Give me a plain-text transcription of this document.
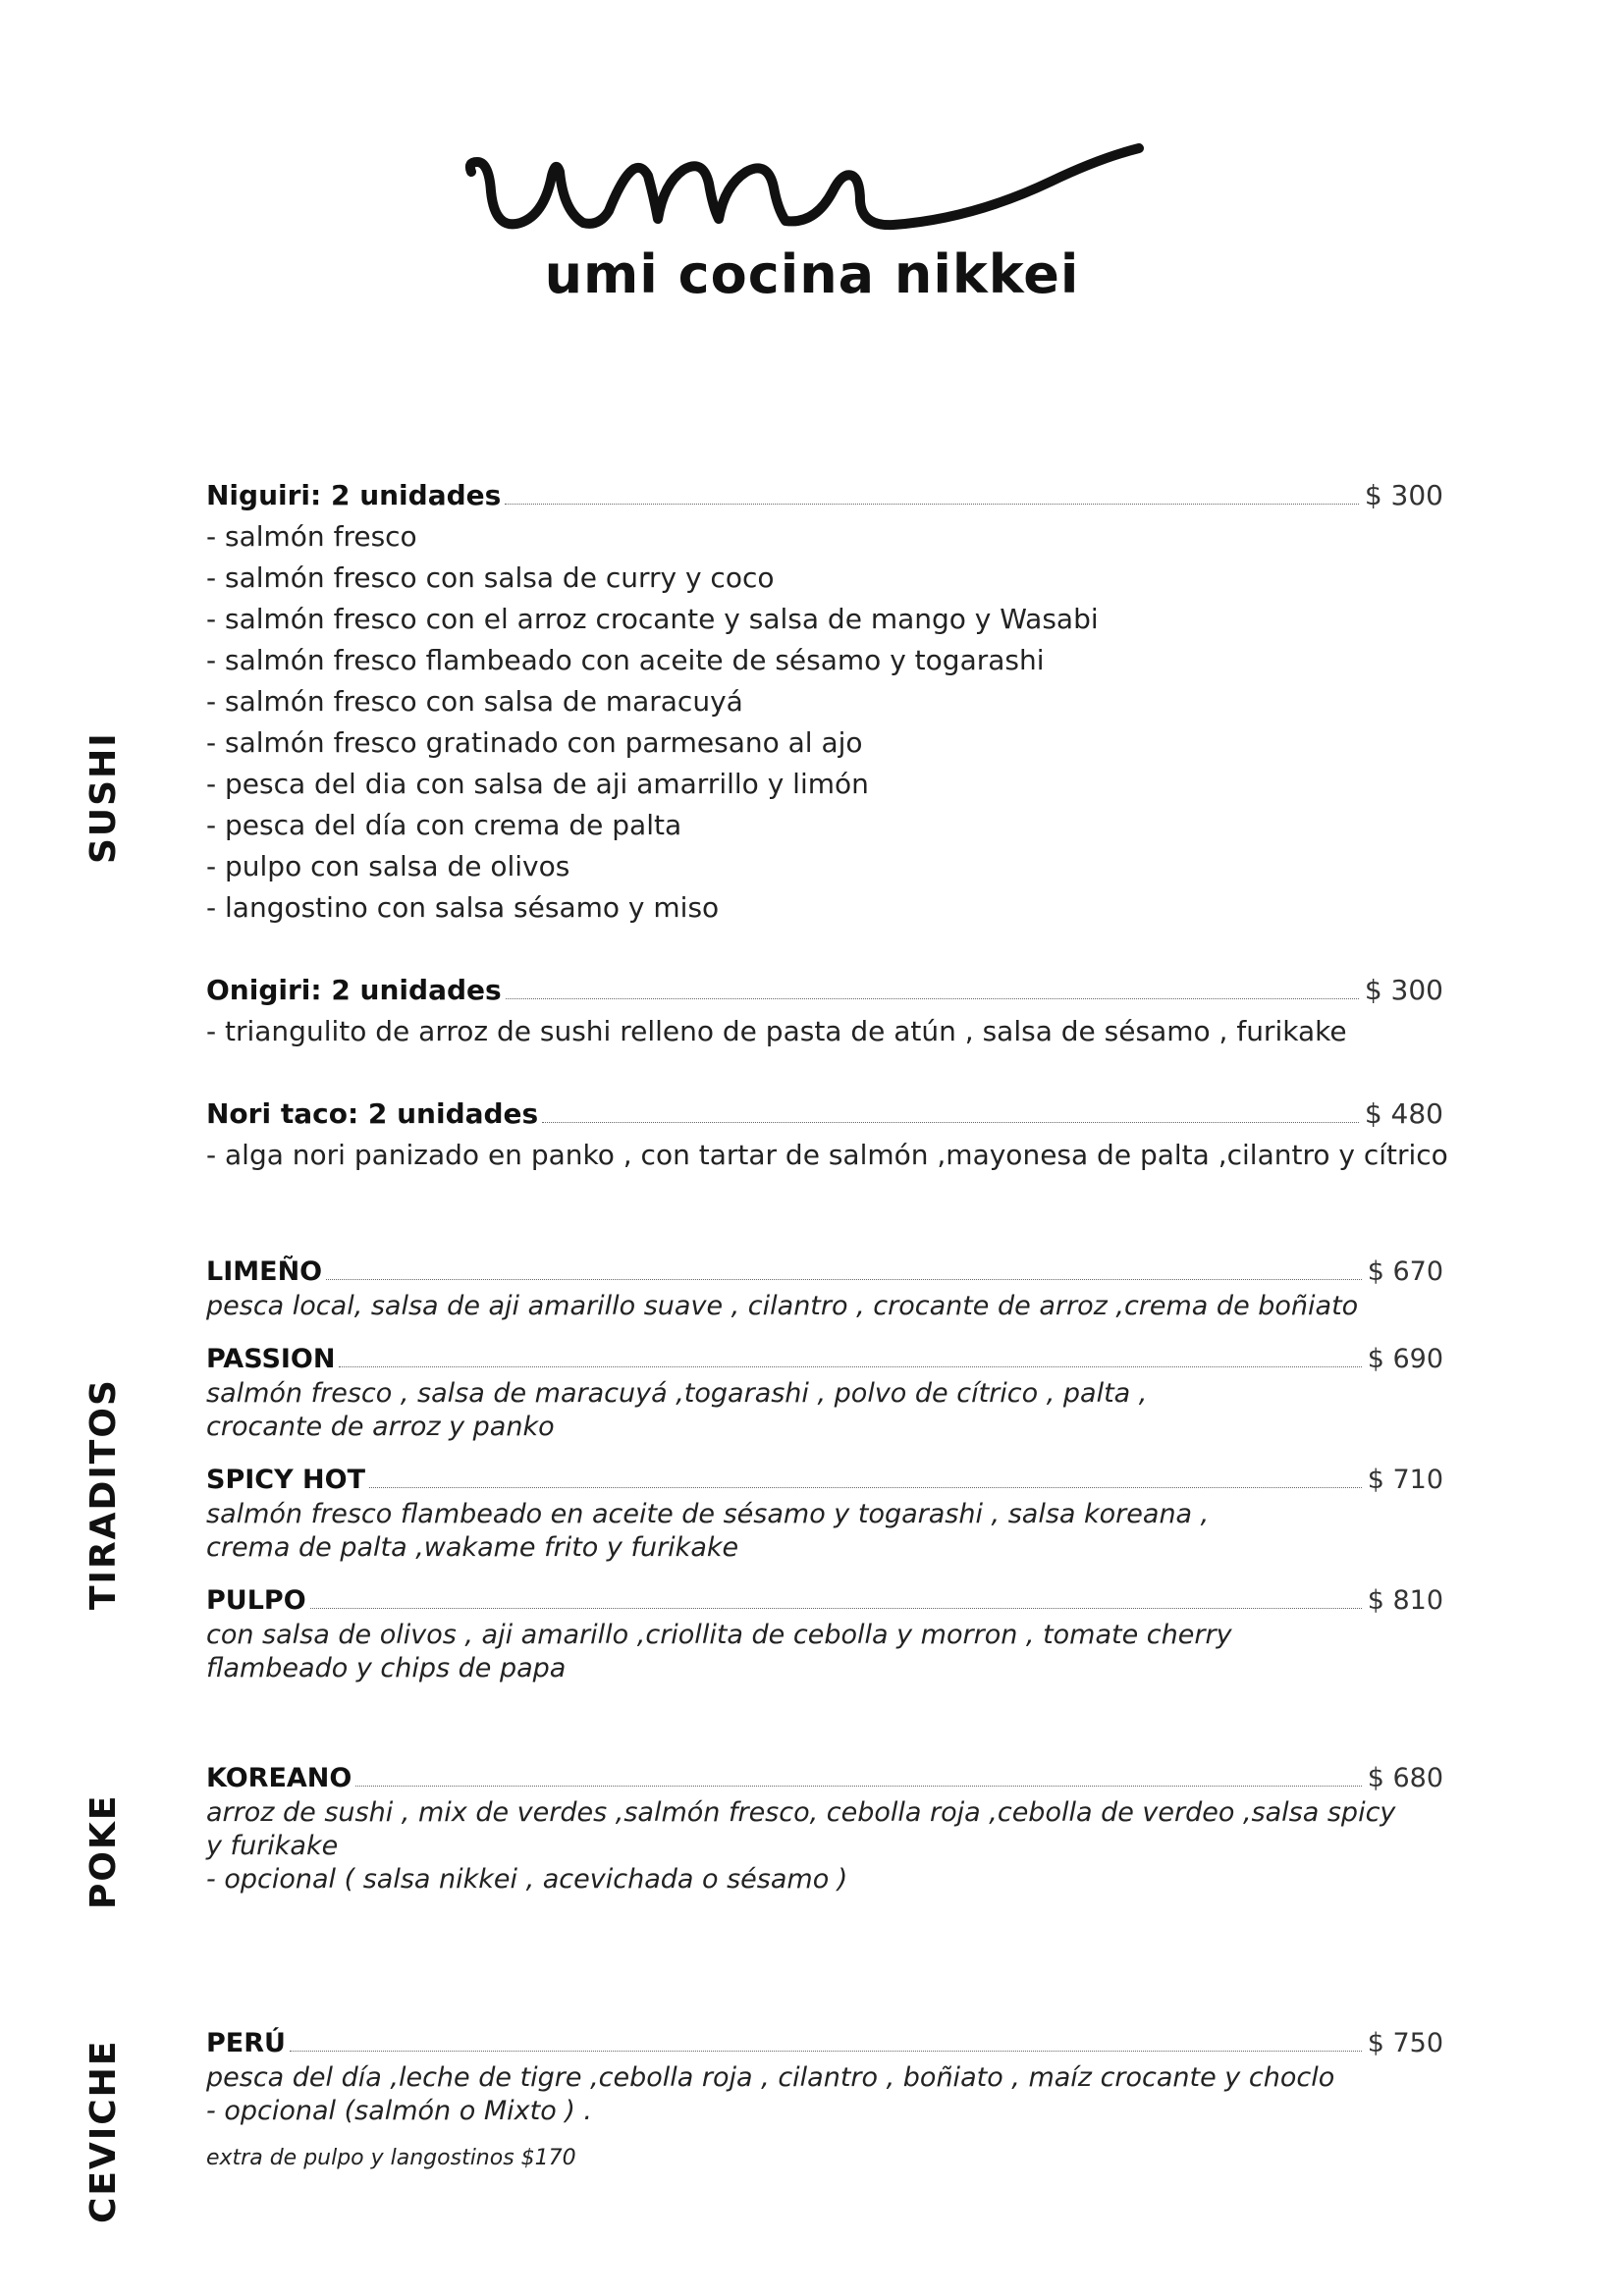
umi cocina nikkei
SUSHI
TIRADITOS
POKE
CEVICHE
Niguiri: 2 unidades	$ 300
- salmón fresco
- salmón fresco con salsa de curry y coco
- salmón fresco con el arroz crocante y salsa de mango y Wasabi
- salmón fresco flambeado con aceite de sésamo y togarashi
- salmón fresco con salsa de maracuyá
- salmón fresco gratinado con parmesano al ajo
- pesca del dia con salsa de aji amarrillo y limón
- pesca del día con crema de palta
- pulpo con salsa de olivos
- langostino con salsa sésamo y miso
Onigiri: 2 unidades	$ 300
- triangulito de arroz de sushi relleno de pasta de atún , salsa de sésamo , furikake
Nori taco: 2 unidades	$ 480
- alga nori panizado en panko , con tartar de salmón ,mayonesa de palta ,cilantro y cítrico
LIMEÑO	$ 670
pesca local, salsa de aji amarillo suave , cilantro , crocante de arroz ,crema de boñiato
PASSION	$ 690
salmón fresco , salsa de maracuyá ,togarashi , polvo de cítrico , palta ,
crocante de arroz y panko
SPICY HOT	$ 710
salmón fresco flambeado en aceite de sésamo y togarashi , salsa koreana ,
crema de palta ,wakame frito y furikake
PULPO	$ 810
con salsa de olivos , aji amarillo ,criollita de cebolla y morron , tomate cherry
flambeado y chips de papa
KOREANO	$ 680
arroz de sushi , mix de verdes ,salmón fresco, cebolla roja ,cebolla de verdeo ,salsa spicy
y furikake
- opcional ( salsa nikkei , acevichada o sésamo )
PERÚ	$ 750
pesca del día ,leche de tigre ,cebolla roja , cilantro , boñiato , maíz crocante y choclo
- opcional (salmón o Mixto ) .
extra de pulpo y langostinos $170
